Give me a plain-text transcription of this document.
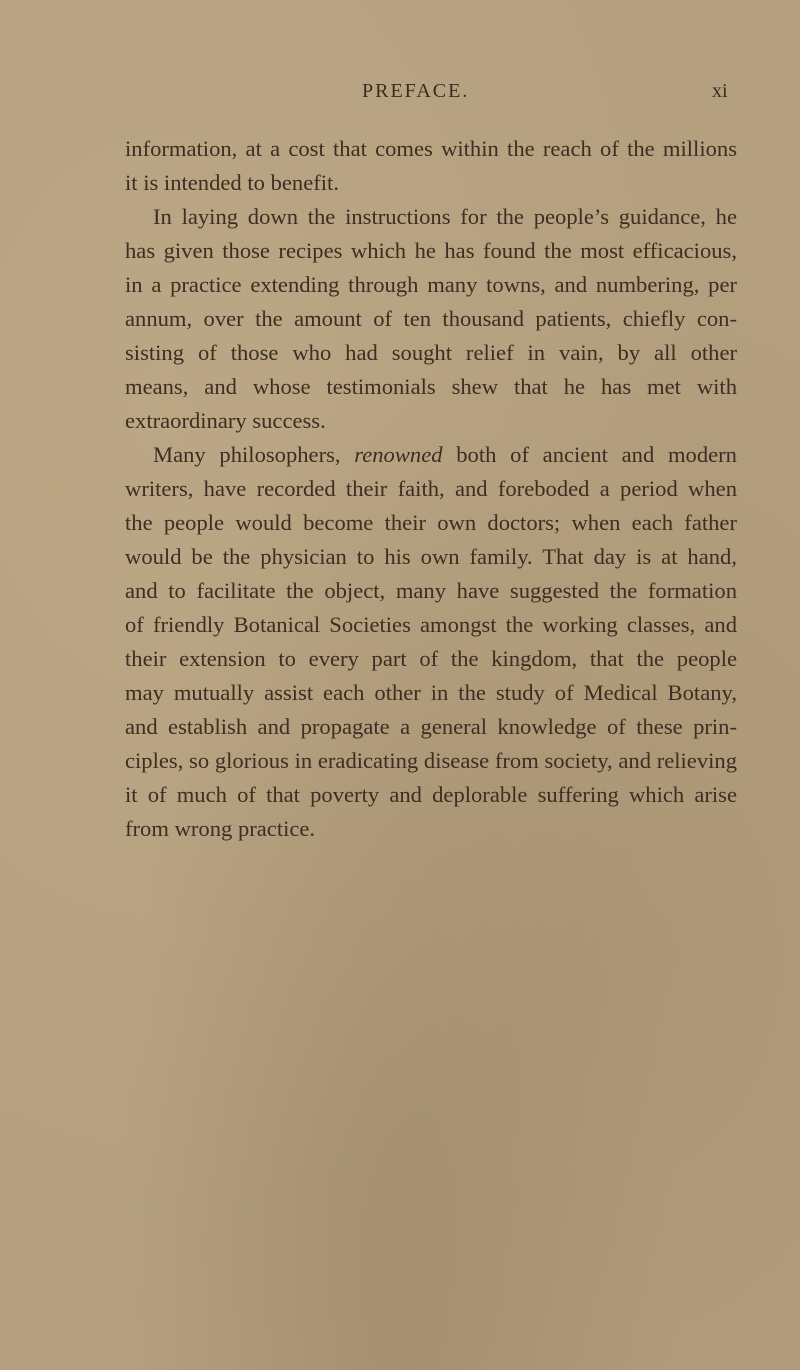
PREFACE.	xi

information, at a cost that comes within the reach of the millions
it is intended to benefit.

In laying down the instructions for the people’s guidance, he
has given those recipes which he has found the most efficacious,
in a practice extending through many towns, and numbering, per
annum, over the amount of ten thousand patients, chiefly con-
sisting of those who had sought relief in vain, by all other
means, and whose testimonials shew that he has met with
extraordinary success.

Many philosophers, renowned both of ancient and modern
writers, have recorded their faith, and foreboded a period when
the people would become their own doctors; when each father
would be the physician to his own family. That day is at hand,
and to facilitate the object, many have suggested the formation
of friendly Botanical Societies amongst the working classes, and
their extension to every part of the kingdom, that the people
may mutually assist each other in the study of Medical Botany,
and establish and propagate a general knowledge of these prin-
ciples, so glorious in eradicating disease from society, and relieving
it of much of that poverty and deplorable suffering which arise
from wrong practice.
